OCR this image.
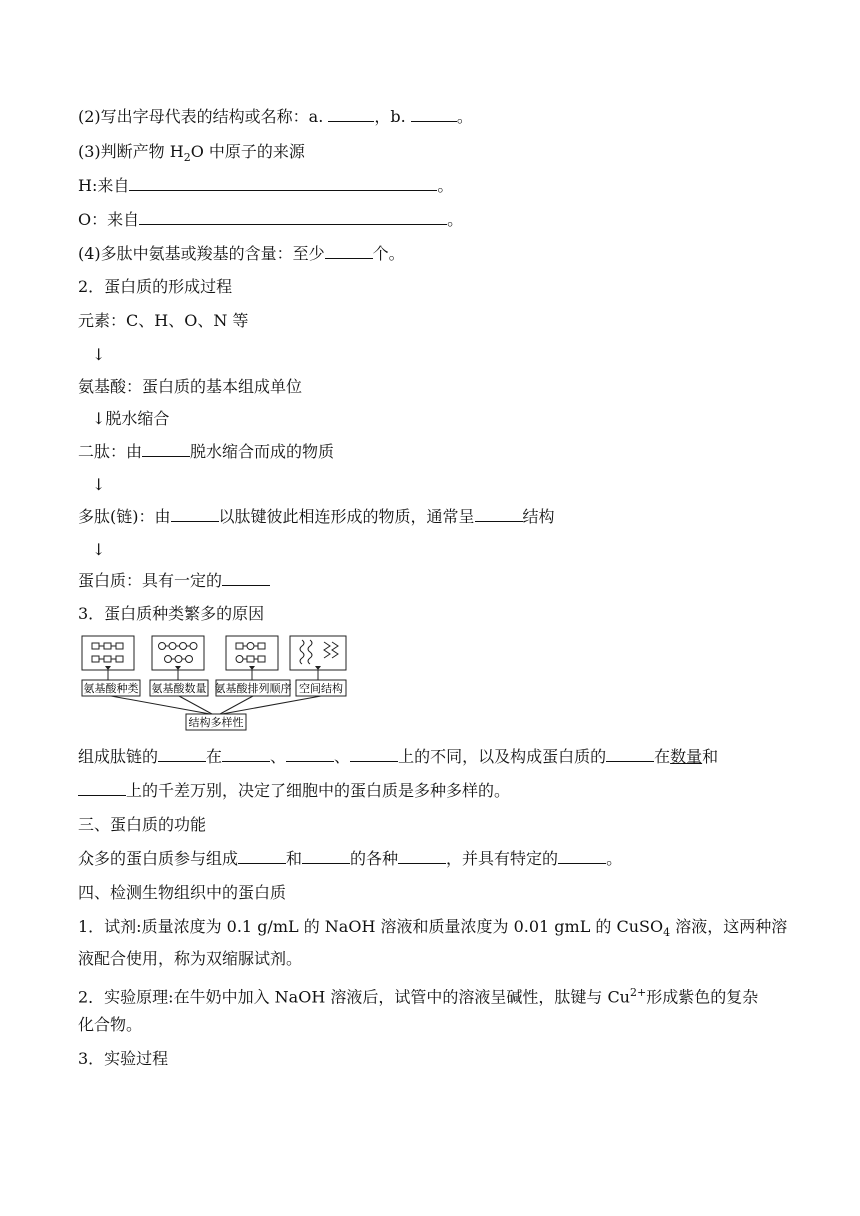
(2)写出字母代表的结构或名称：a.	，b.	。
(3)判断产物 $H_2O$ 中原子的来源
H:来自	。
O：来自	。
(4)多肽中氨基或羧基的含量：至少	个。
2．蛋白质的形成过程
元素：C、H、O、N 等
↓
氨基酸：蛋白质的基本组成单位
↓脱水缩合
二肽：由	脱水缩合而成的物质
↓
多肽(链)：由	以肽键彼此相连形成的物质，通常呈	结构
↓
蛋白质：具有一定的
3．蛋白质种类繁多的原因
氨基酸种类 氨基酸数量 氨基酸排列顺序 空间结构
结构多样性
组成肽链的	在	、	、	上的不同，以及构成蛋白质的	在数量和
上的千差万别，决定了细胞中的蛋白质是多种多样的。
三、蛋白质的功能
众多的蛋白质参与组成	和	的各种	，并具有特定的	。
四、检测生物组织中的蛋白质
1．试剂:质量浓度为 0.1 g/mL 的 NaOH 溶液和质量浓度为 0.01 gmL 的 CuSO$_4$ 溶液，这两种溶
液配合使用，称为双缩脲试剂。
2．实验原理:在牛奶中加入 NaOH 溶液后，试管中的溶液呈碱性，肽键与 $Cu^{2+}$形成紫色的复杂
化合物。
3．实验过程
